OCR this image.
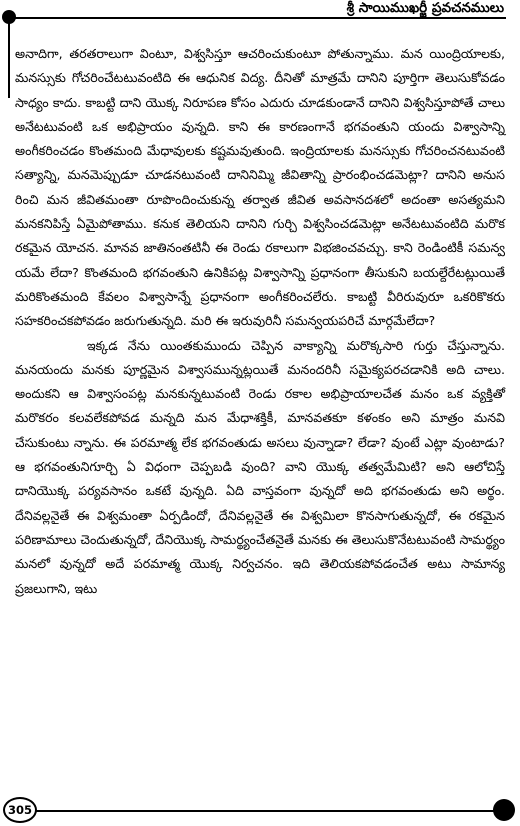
శ్రీ సాయిముఖర్జీ ప్రవచనములు

అనాదిగా, తరతరాలుగా వింటూ, విశ్వసిస్తూ ఆచరించుకుంటూ పోతున్నాము. మన యింద్రియాలకు, మనస్సుకు గోచరించేటటువంటిది ఈ ఆధునిక విద్య. దీనితో మాత్రమే దానిని పూర్తిగా తెలుసుకోవడం సాధ్యం కాదు. కాబట్టి దాని యొక్క నిరూపణ కోసం ఎదురు చూడకుండానే దానిని విశ్వసిస్తూపోతే చాలు అనేటటువంటి ఒక అభిప్రాయం వున్నది. కాని ఈ కారణంగానే భగవంతుని యందు విశ్వాసాన్ని అంగీకరించడం కొంతమంది మేధావులకు కష్టమవుతుంది. ఇంద్రియాలకు మనస్సుకు గోచరించనటువంటి సత్యాన్ని, మనమెప్పుడూ చూడనటువంటి దానినిమ్మి జీవితాన్ని ప్రారంభించడమెట్లా? దానిని అనుస రించి మన జీవితమంతా రూపొందించుకున్న తర్వాత జీవిత అవసానదశలో అదంతా అసత్యమని మనకనిపిస్తే ఏమైపోతాము. కనుక తెలియని దానిని గుర్చి విశ్వసించడమెట్లా అనేటటువంటిది మరొక రకమైన యోచన. మానవ జాతినంతటినీ ఈ రెండు రకాలుగా విభజించవచ్చు. కాని రెండింటికీ సమన్వ యమే లేదా? కొంతమంది భగవంతుని ఉనికిపట్ల విశ్వాసాన్ని ప్రధానంగా తీసుకుని బయల్దేరేటట్లుయితే మరికొంతమంది కేవలం విశ్వాసాన్నే ప్రధానంగా అంగీకరించలేరు. కాబట్టి వీరిరువురూ ఒకరికొకరు సహకరించకపోవడం జరుగుతున్నది. మరి ఈ ఇరువురినీ సమన్వయపరిచే మార్గమేలేదా?

ఇక్కడ నేను యింతకుముందు చెప్పిన వాక్యాన్ని మరొక్కసారి గుర్తు చేస్తున్నాను. మనయందు మనకు పూర్ణమైన విశ్వాసమున్నట్లయితే మనందరినీ సమైక్యపరచడానికి అది చాలు. అందుకని ఆ విశ్వాసంపట్ల మనకున్నటువంటి రెండు రకాల అభిప్రాయాలచేత మనం ఒక వ్యక్తితో మరొకరం కలవలేకపోవడ మన్నది మన మేధాశక్తికీ, మానవతకూ కళంకం అని మాత్రం మనవి చేసుకుంటు న్నాను. ఈ పరమాత్మ లేక భగవంతుడు అసలు వున్నాడా? లేడా? వుంటే ఎట్లా వుంటాడు? ఆ భగవంతునిగూర్చి ఏ విధంగా చెప్పబడి వుంది? వాని యొక్క తత్వమేమిటి? అని ఆలోచిస్తే దానియొక్క పర్యవసానం ఒకటే వున్నది. ఏది వాస్తవంగా వున్నదో అది భగవంతుడు అని అర్థం. దేనివల్లనైతే ఈ విశ్వమంతా ఏర్పడిందో, దేనివల్లనైతే ఈ విశ్వమిలా కొనసాగుతున్నదో, ఈ రకమైన పరిణామాలు చెందుతున్నదో, దేనియొక్క సామర్థ్యంచేతనైతే మనకు ఈ తెలుసుకొనేటటువంటి సామర్థ్యం మనలో వున్నదో అదే పరమాత్మ యొక్క నిర్వచనం. ఇది తెలియకపోవడంచేత అటు సామాన్య ప్రజలుగాని, ఇటు

305
